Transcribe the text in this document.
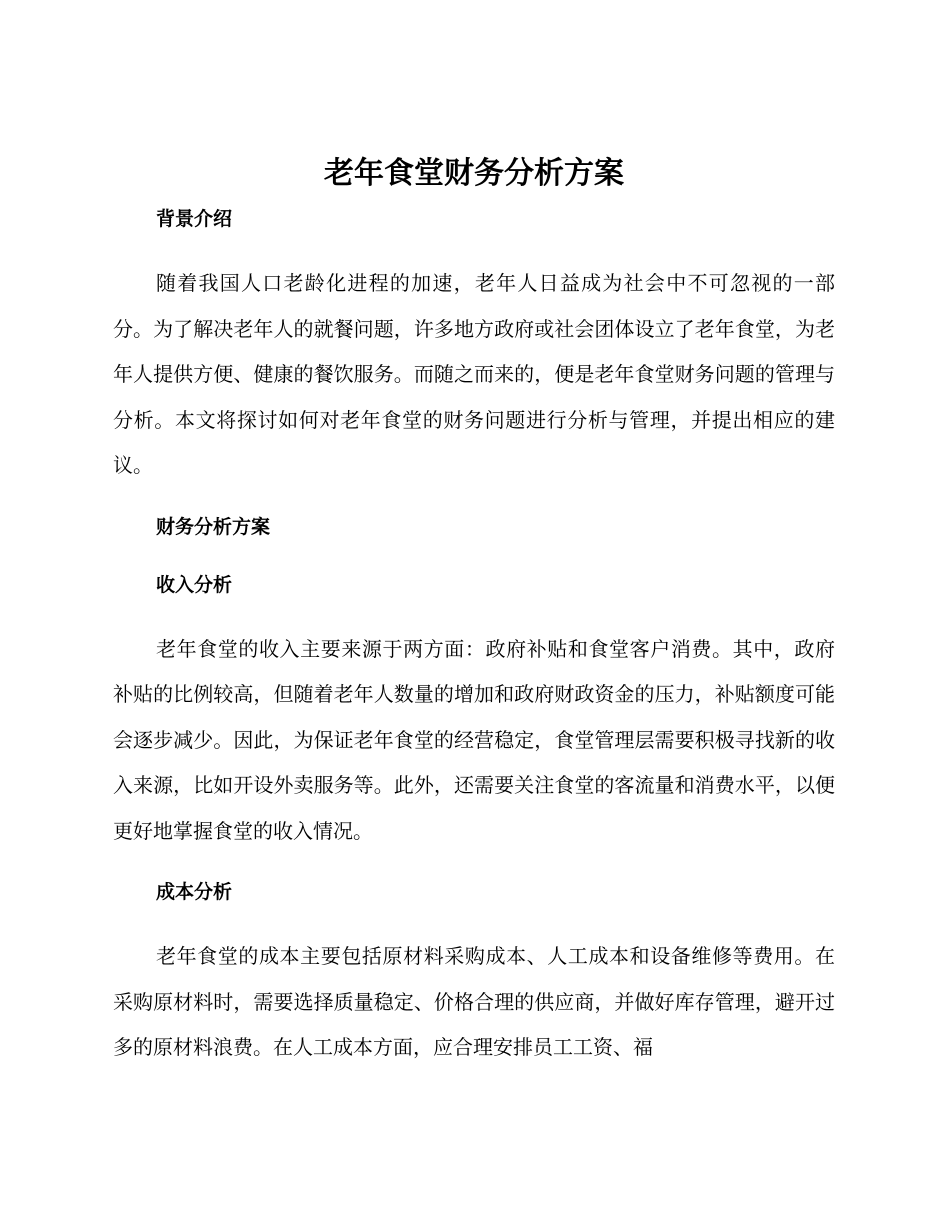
老年食堂财务分析方案
背景介绍

随着我国人口老龄化进程的加速，老年人日益成为社会中不可忽视的一部分。为了解决老年人的就餐问题，许多地方政府或社会团体设立了老年食堂，为老年人提供方便、健康的餐饮服务。而随之而来的，便是老年食堂财务问题的管理与分析。本文将探讨如何对老年食堂的财务问题进行分析与管理，并提出相应的建议。

财务分析方案
收入分析

老年食堂的收入主要来源于两方面：政府补贴和食堂客户消费。其中，政府补贴的比例较高，但随着老年人数量的增加和政府财政资金的压力，补贴额度可能会逐步减少。因此，为保证老年食堂的经营稳定，食堂管理层需要积极寻找新的收入来源，比如开设外卖服务等。此外，还需要关注食堂的客流量和消费水平，以便更好地掌握食堂的收入情况。

成本分析

老年食堂的成本主要包括原材料采购成本、人工成本和设备维修等费用。在采购原材料时，需要选择质量稳定、价格合理的供应商，并做好库存管理，避开过多的原材料浪费。在人工成本方面，应合理安排员工工资、福
